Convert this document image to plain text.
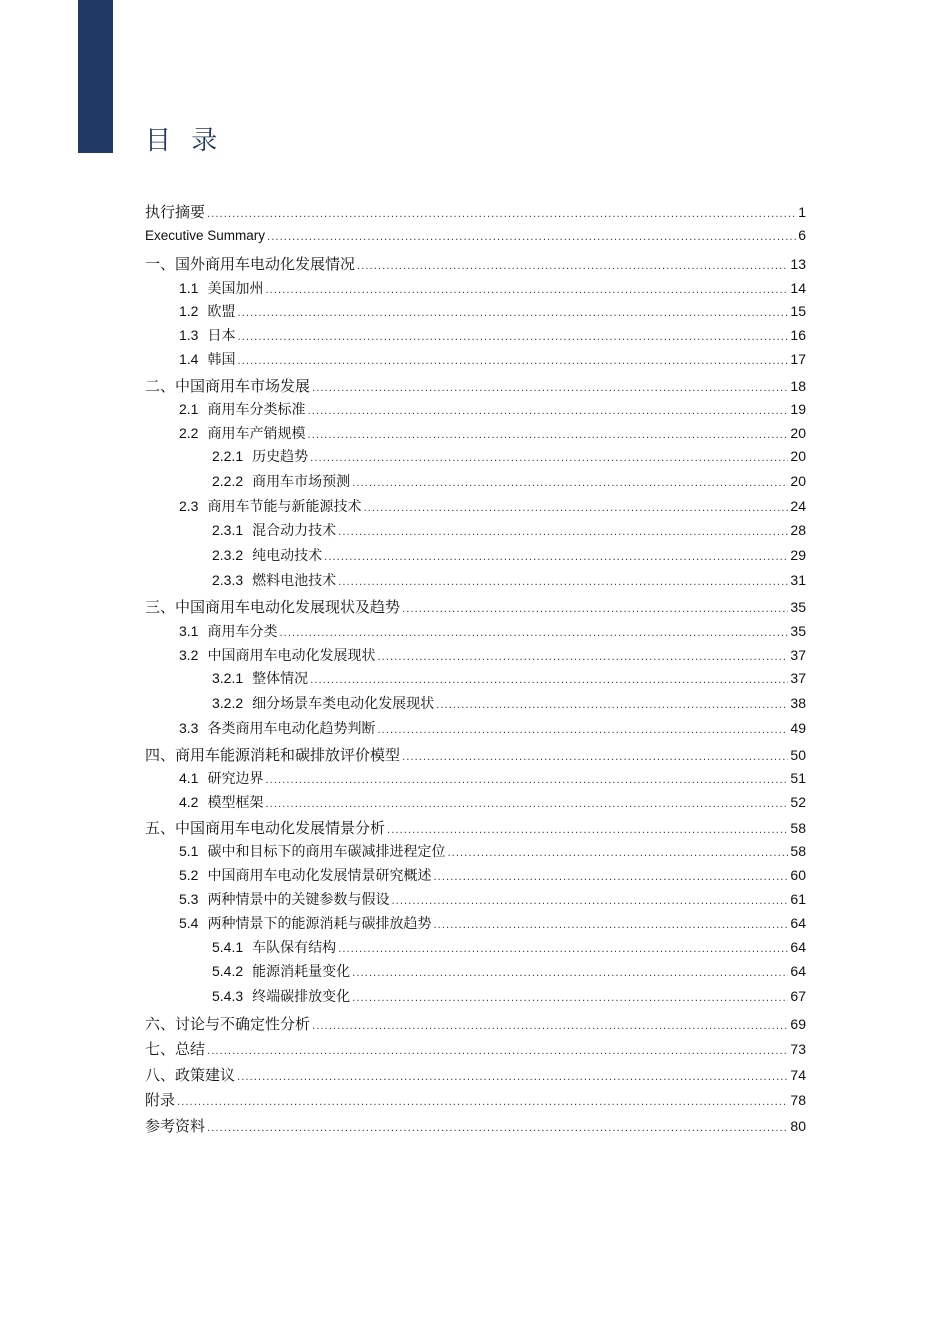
目 录
执行摘要 .....	1
Executive Summary .....	6
一、国外商用车电动化发展情况 .....	13
1.1 美国加州 .....	14
1.2 欧盟 .....	15
1.3 日本 .....	16
1.4 韩国 .....	17
二、中国商用车市场发展 .....	18
2.1 商用车分类标准 .....	19
2.2 商用车产销规模 .....	20
2.2.1 历史趋势 .....	20
2.2.2 商用车市场预测 .....	20
2.3 商用车节能与新能源技术 .....	24
2.3.1 混合动力技术 .....	28
2.3.2 纯电动技术 .....	29
2.3.3 燃料电池技术 .....	31
三、中国商用车电动化发展现状及趋势 .....	35
3.1 商用车分类 .....	35
3.2 中国商用车电动化发展现状 .....	37
3.2.1 整体情况 .....	37
3.2.2 细分场景车类电动化发展现状 .....	38
3.3 各类商用车电动化趋势判断 .....	49
四、商用车能源消耗和碳排放评价模型 .....	50
4.1 研究边界 .....	51
4.2 模型框架 .....	52
五、中国商用车电动化发展情景分析 .....	58
5.1 碳中和目标下的商用车碳减排进程定位 .....	58
5.2 中国商用车电动化发展情景研究概述 .....	60
5.3 两种情景中的关键参数与假设 .....	61
5.4 两种情景下的能源消耗与碳排放趋势 .....	64
5.4.1 车队保有结构 .....	64
5.4.2 能源消耗量变化 .....	64
5.4.3 终端碳排放变化 .....	67
六、讨论与不确定性分析 .....	69
七、总结 .....	73
八、政策建议 .....	74
附录 .....	78
参考资料 .....	80
